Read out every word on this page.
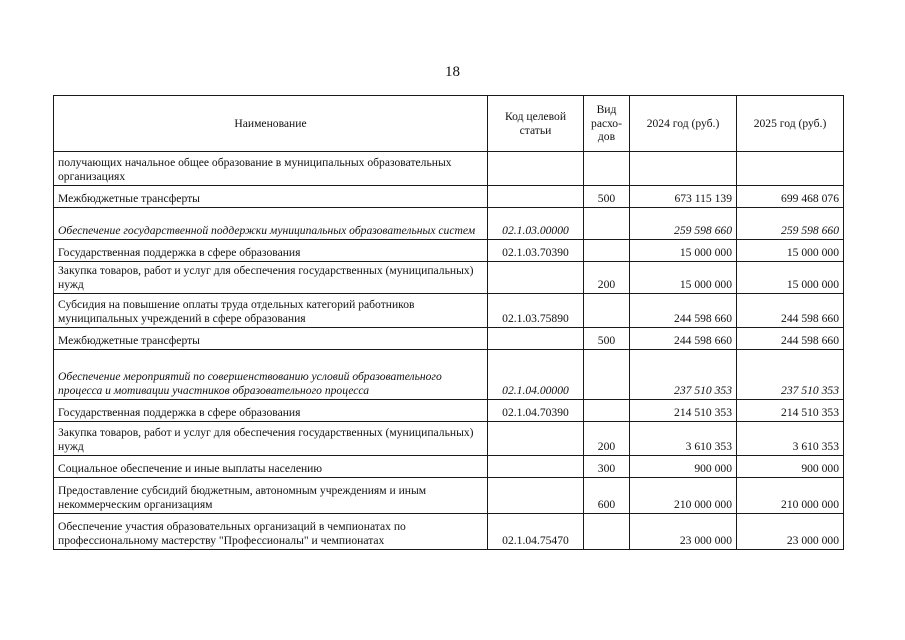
18
Наименование	Код целевой статьи	Вид расхо-дов	2024 год (руб.)	2025 год (руб.)
получающих начальное общее образование в муниципальных образовательных организациях				
Межбюджетные трансферты		500	673 115 139	699 468 076
Обеспечение государственной поддержки муниципальных образовательных систем	02.1.03.00000		259 598 660	259 598 660
Государственная поддержка в сфере образования	02.1.03.70390		15 000 000	15 000 000
Закупка товаров, работ и услуг для обеспечения государственных (муниципальных) нужд		200	15 000 000	15 000 000
Субсидия на повышение оплаты труда отдельных категорий работников муниципальных учреждений в сфере образования	02.1.03.75890		244 598 660	244 598 660
Межбюджетные трансферты		500	244 598 660	244 598 660
Обеспечение мероприятий по совершенствованию условий образовательного процесса и мотивации участников образовательного процесса	02.1.04.00000		237 510 353	237 510 353
Государственная поддержка в сфере образования	02.1.04.70390		214 510 353	214 510 353
Закупка товаров, работ и услуг для обеспечения государственных (муниципальных) нужд		200	3 610 353	3 610 353
Социальное обеспечение и иные выплаты населению		300	900 000	900 000
Предоставление субсидий бюджетным, автономным учреждениям и иным некоммерческим организациям		600	210 000 000	210 000 000
Обеспечение участия образовательных организаций в чемпионатах по профессиональному мастерству "Профессионалы" и чемпионатах	02.1.04.75470		23 000 000	23 000 000
